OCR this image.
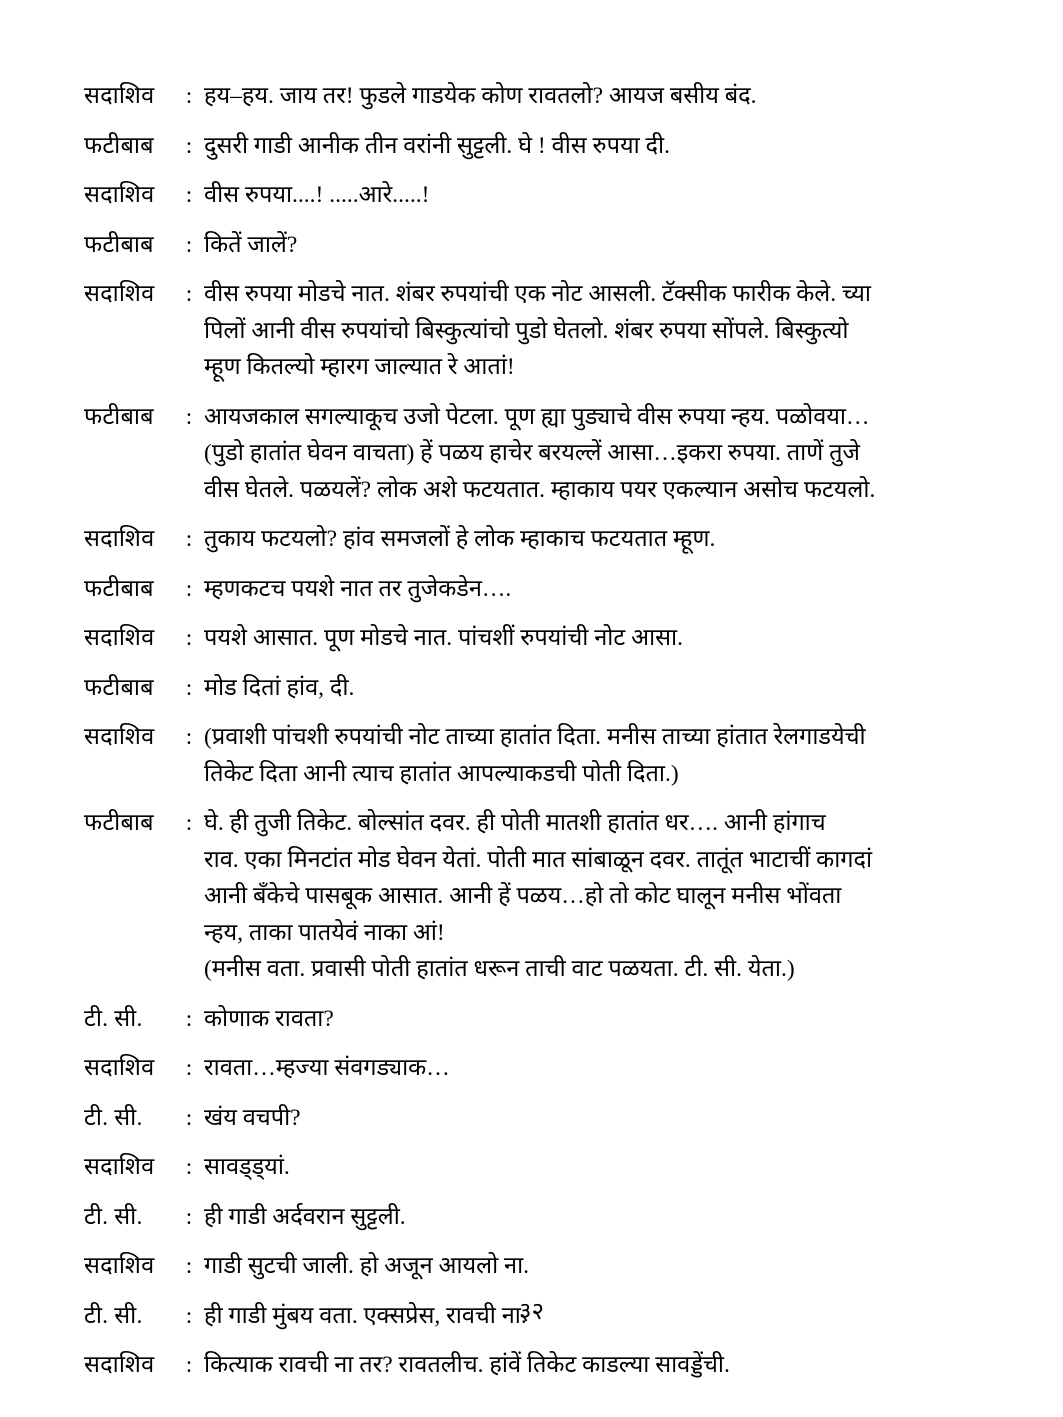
सदाशिव	: हय–हय. जाय तर! फुडले गाडयेक कोण रावतलो? आयज बसीय बंद.
फटीबाब	: दुसरी गाडी आनीक तीन वरांनी सुट्टली. घे ! वीस रुपया दी.
सदाशिव	: वीस रुपया....! .....आरे.....!
फटीबाब	: कितें जालें?
सदाशिव	: वीस रुपया मोडचे नात. शंबर रुपयांची एक नोट आसली. टॅक्सीक फारीक केले. च्या
पिलों आनी वीस रुपयांचो बिस्कुत्यांचो पुडो घेतलो. शंबर रुपया सोंपले. बिस्कुत्यो
म्हूण कितल्यो म्हारग जाल्यात रे आतां!
फटीबाब	: आयजकाल सगल्याकूच उजो पेटला. पूण ह्या पुड्याचे वीस रुपया न्हय. पळोवया…
(पुडो हातांत घेवन वाचता) हें पळय हाचेर बरयल्लें आसा…इकरा रुपया. ताणें तुजे
वीस घेतले. पळयलें? लोक अशे फटयतात. म्हाकाय पयर एकल्यान असोच फटयलो.
सदाशिव	: तुकाय फटयलो? हांव समजलों हे लोक म्हाकाच फटयतात म्हूण.
फटीबाब	: म्हणकटच पयशे नात तर तुजेकडेन….
सदाशिव	: पयशे आसात. पूण मोडचे नात. पांचशीं रुपयांची नोट आसा.
फटीबाब	: मोड दितां हांव, दी.
सदाशिव	: (प्रवाशी पांचशी रुपयांची नोट ताच्या हातांत दिता. मनीस ताच्या हांतात रेलगाडयेची
तिकेट दिता आनी त्याच हातांत आपल्याकडची पोती दिता.)
फटीबाब	: घे. ही तुजी तिकेट. बोल्सांत दवर. ही पोती मातशी हातांत धर…. आनी हांगाच
राव. एका मिनटांत मोड घेवन येतां. पोती मात सांबाळून दवर. तातूंत भाटाचीं कागदां
आनी बँकेचे पासबूक आसात. आनी हें पळय…हो तो कोट घालून मनीस भोंवता
न्हय, ताका पातयेवं नाका आं!
(मनीस वता. प्रवासी पोती हातांत धरून ताची वाट पळयता. टी. सी. येता.)
टी. सी.	: कोणाक रावता?
सदाशिव	: रावता…म्हज्या संवगड्याक…
टी. सी.	: खंय वचपी?
सदाशिव	: सावड्ड्यां.
टी. सी.	: ही गाडी अर्दवरान सुट्टली.
सदाशिव	: गाडी सुटची जाली. हो अजून आयलो ना.
टी. सी.	: ही गाडी मुंबय वता. एक्सप्रेस, रावची ना.
सदाशिव	: कित्याक रावची ना तर? रावतलीच. हांवें तिकेट काडल्या सावड्डेंची.
३२
